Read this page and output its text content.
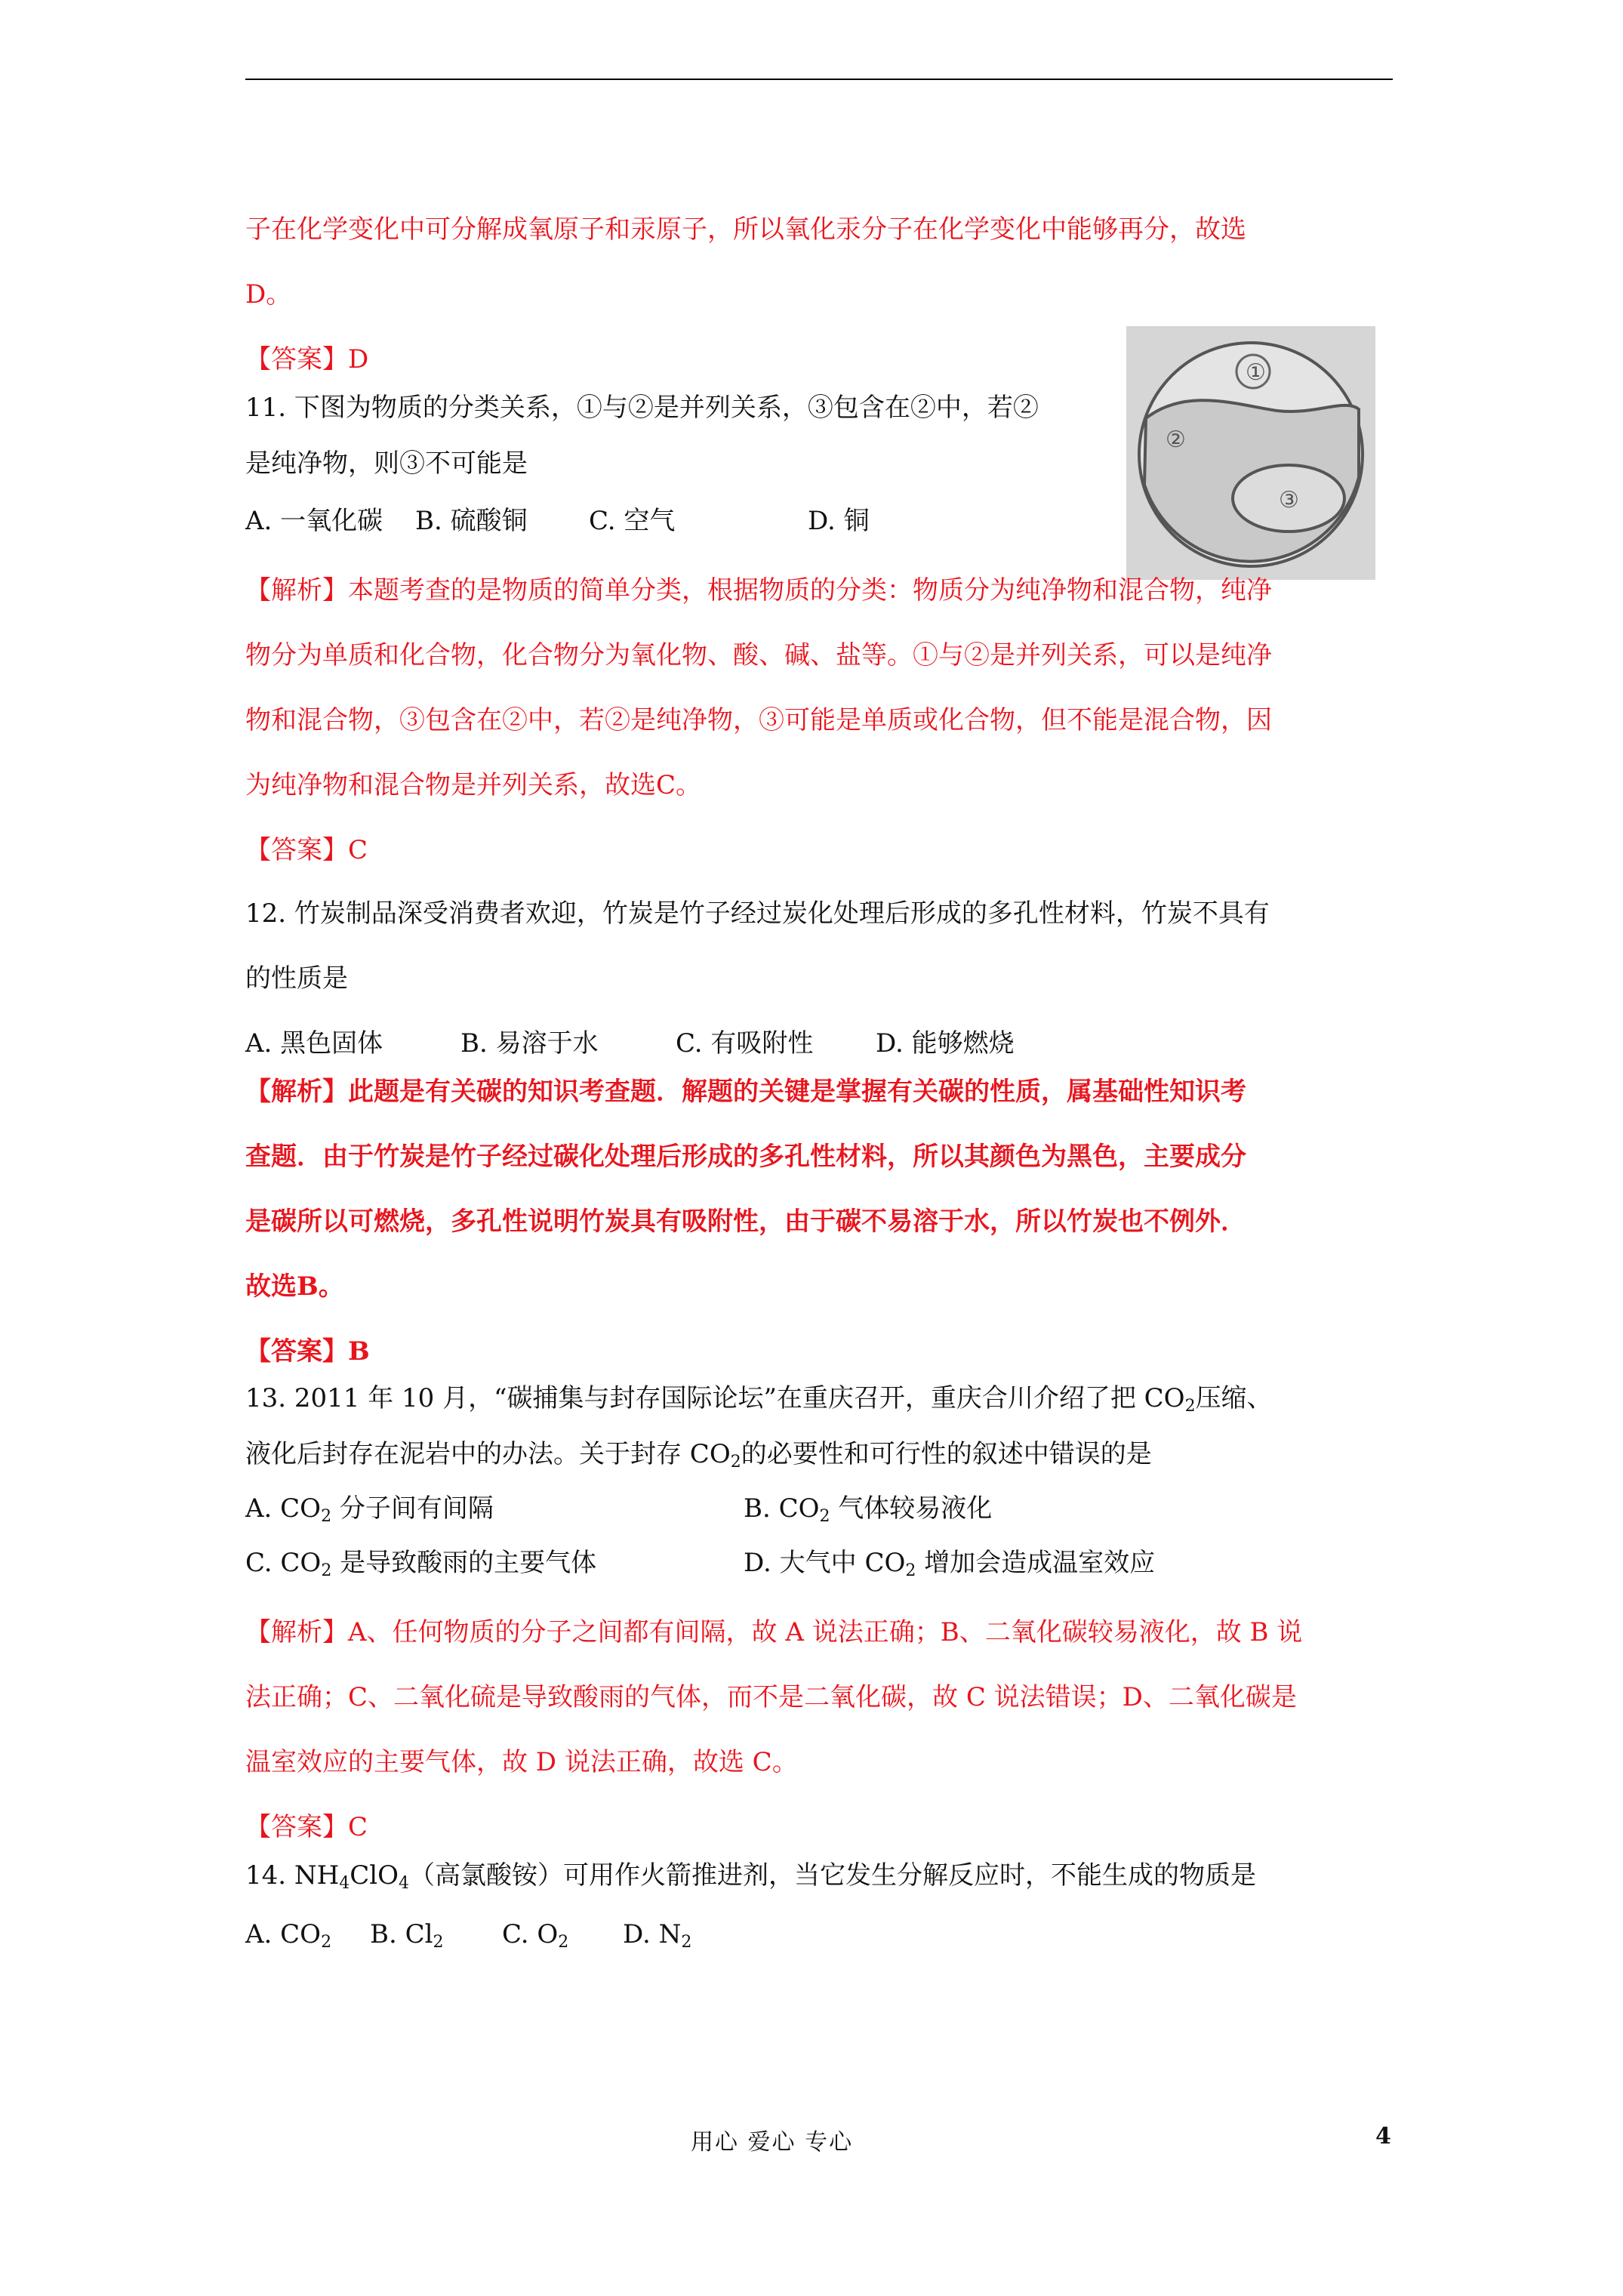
子在化学变化中可分解成氧原子和汞原子，所以氧化汞分子在化学变化中能够再分，故选
D。
【答案】D
11. 下图为物质的分类关系，①与②是并列关系，③包含在②中，若②
是纯净物，则③不可能是
A. 一氧化碳 B. 硫酸铜 C. 空气	D. 铜
①
②
③
【解析】本题考查的是物质的简单分类，根据物质的分类：物质分为纯净物和混合物，纯净
物分为单质和化合物，化合物分为氧化物、酸、碱、盐等。①与②是并列关系，可以是纯净
物和混合物，③包含在②中，若②是纯净物，③可能是单质或化合物，但不能是混合物，因
为纯净物和混合物是并列关系，故选C。
【答案】C
12. 竹炭制品深受消费者欢迎，竹炭是竹子经过炭化处理后形成的多孔性材料，竹炭不具有
的性质是
A. 黑色固体	B. 易溶于水	C. 有吸附性 D. 能够燃烧
【解析】此题是有关碳的知识考查题．解题的关键是掌握有关碳的性质，属基础性知识考
查题．由于竹炭是竹子经过碳化处理后形成的多孔性材料，所以其颜色为黑色，主要成分
是碳所以可燃烧，多孔性说明竹炭具有吸附性，由于碳不易溶于水，所以竹炭也不例外．
故选B。
【答案】B
13. 2011 年 10 月，“碳捕集与封存国际论坛”在重庆召开，重庆合川介绍了把 $CO_2$压缩、
液化后封存在泥岩中的办法。关于封存 $CO_2$的必要性和可行性的叙述中错误的是
A. $CO_2$ 分子间有间隔	B. $CO_2$ 气体较易液化
C. $CO_2$ 是导致酸雨的主要气体	D. 大气中 $CO_2$ 增加会造成温室效应
【解析】A、任何物质的分子之间都有间隔，故 A 说法正确；B、二氧化碳较易液化，故 B 说
法正确；C、二氧化硫是导致酸雨的气体，而不是二氧化碳，故 C 说法错误；D、二氧化碳是
温室效应的主要气体，故 D 说法正确，故选 C。
【答案】C
14. $NH_4ClO_4$（高氯酸铵）可用作火箭推进剂，当它发生分解反应时，不能生成的物质是
A. $CO_2$ B. $Cl_2$ C. $O_2$ D. $N_2$
用心 爱心 专心	4
